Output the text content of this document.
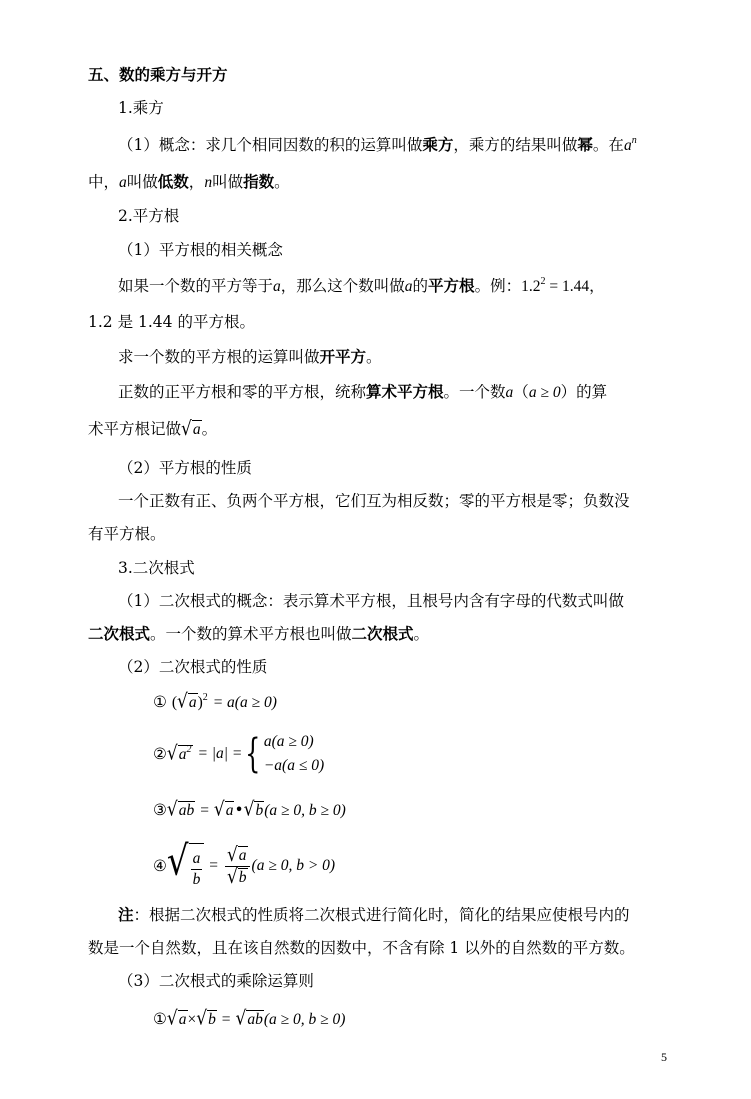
五、数的乘方与开方
1.乘方
（1）概念：求几个相同因数的积的运算叫做乘方，乘方的结果叫做幂。在$a^n$
中，a叫做低数，n叫做指数。
2.平方根
（1）平方根的相关概念
如果一个数的平方等于a，那么这个数叫做a的平方根。例：$1.2^2 = 1.44$，
1.2 是 1.44 的平方根。
求一个数的平方根的运算叫做开平方。
正数的正平方根和零的平方根，统称算术平方根。一个数a（a ≥ 0）的算
术平方根记做√a。
（2）平方根的性质
一个正数有正、负两个平方根，它们互为相反数；零的平方根是零；负数没
有平方根。
3.二次根式
（1）二次根式的概念：表示算术平方根，且根号内含有字母的代数式叫做
二次根式。一个数的算术平方根也叫做二次根式。
（2）二次根式的性质
① $(√a)^2 = a(a \ge 0)$
$②√a^2 = |a|$ ={ a(a ≥ 0)
−a(a ≤ 0)
③√ab = √a•√b(a ≥ 0, b ≥ 0)
④ √ $\frac{a}{b} = \frac{√a}{√b} (a \ge 0$, b > 0)
注：根据二次根式的性质将二次根式进行简化时，简化的结果应使根号内的
数是一个自然数，且在该自然数的因数中，不含有除 1 以外的自然数的平方数。
（3）二次根式的乘除运算则
①√a×√b = √ab(a ≥ 0, b ≥ 0)
5
